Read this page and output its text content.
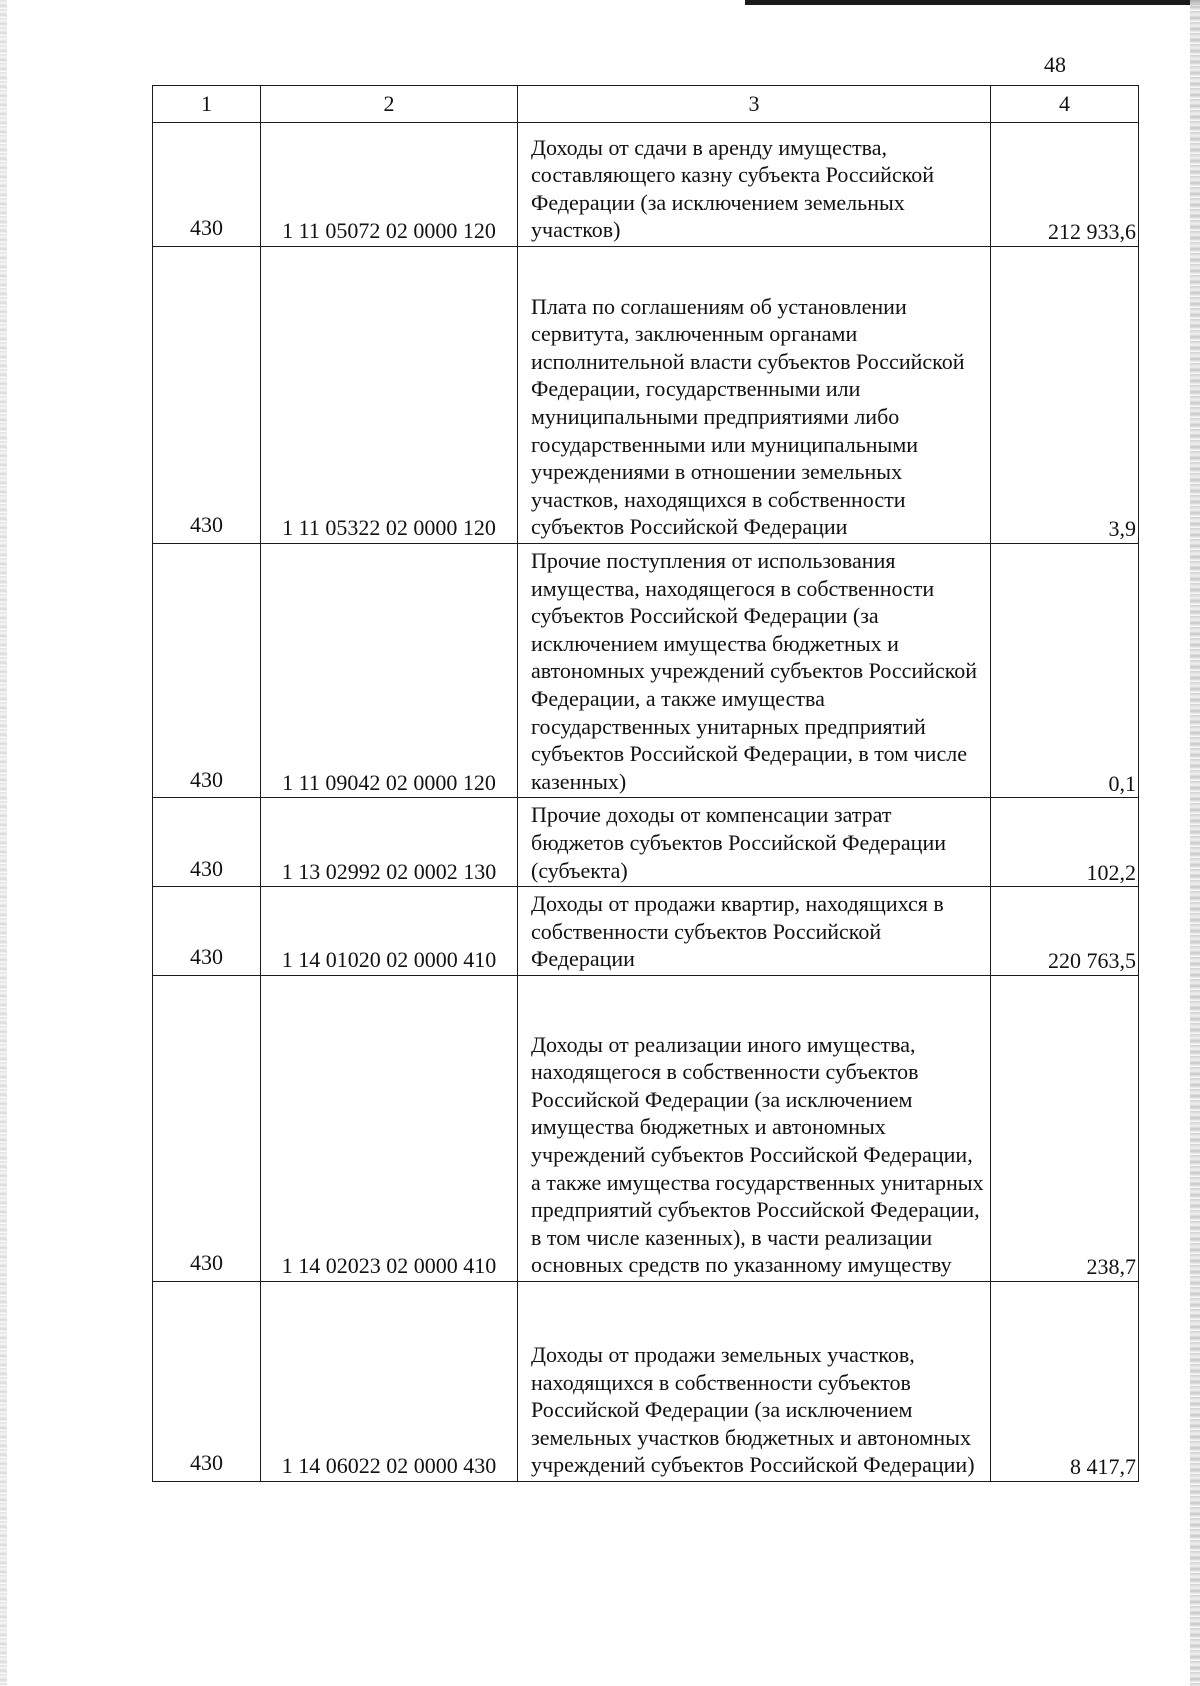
48
1	2	3	4
430	1 11 05072 02 0000 120	Доходы от сдачи в аренду имущества, составляющего казну субъекта Российской Федерации (за исключением земельных участков)	212 933,6
430	1 11 05322 02 0000 120	Плата по соглашениям об установлении сервитута, заключенным органами исполнительной власти субъектов Российской Федерации, государственными или муниципальными предприятиями либо государственными или муниципальными учреждениями в отношении земельных участков, находящихся в собственности субъектов Российской Федерации	3,9
430	1 11 09042 02 0000 120	Прочие поступления от использования имущества, находящегося в собственности субъектов Российской Федерации (за исключением имущества бюджетных и автономных учреждений субъектов Российской Федерации, а также имущества государственных унитарных предприятий субъектов Российской Федерации, в том числе казенных)	0,1
430	1 13 02992 02 0002 130	Прочие доходы от компенсации затрат бюджетов субъектов Российской Федерации (субъекта)	102,2
430	1 14 01020 02 0000 410	Доходы от продажи квартир, находящихся в собственности субъектов Российской Федерации	220 763,5
430	1 14 02023 02 0000 410	Доходы от реализации иного имущества, находящегося в собственности субъектов Российской Федерации (за исключением имущества бюджетных и автономных учреждений субъектов Российской Федерации, а также имущества государственных унитарных предприятий субъектов Российской Федерации, в том числе казенных), в части реализации основных средств по указанному имуществу	238,7
430	1 14 06022 02 0000 430	Доходы от продажи земельных участков, находящихся в собственности субъектов Российской Федерации (за исключением земельных участков бюджетных и автономных учреждений субъектов Российской Федерации)	8 417,7
